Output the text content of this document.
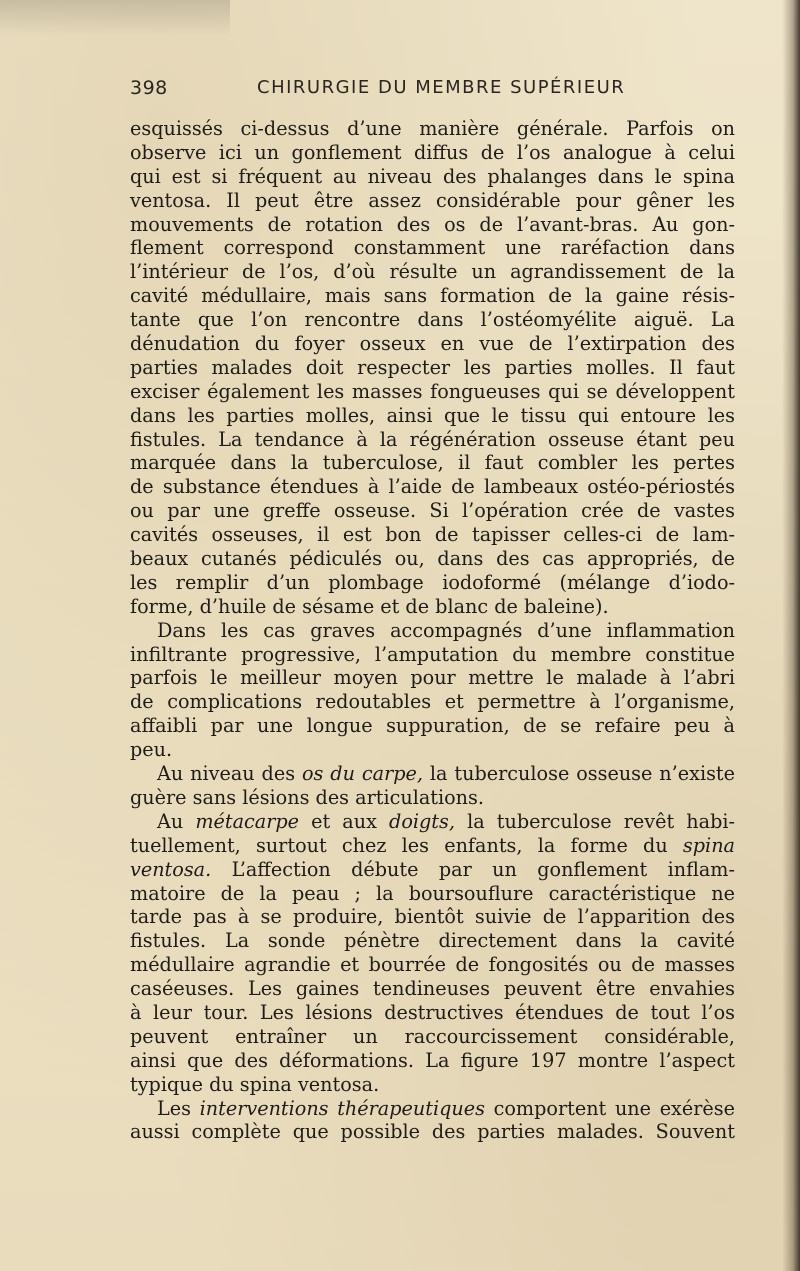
398	CHIRURGIE DU MEMBRE SUPÉRIEUR
esquissés ci-dessus d’une manière générale. Parfois on
observe ici un gonflement diffus de l’os analogue à celui
qui est si fréquent au niveau des phalanges dans le spina
ventosa. Il peut être assez considérable pour gêner les
mouvements de rotation des os de l’avant-bras. Au gon-
flement correspond constamment une raréfaction dans
l’intérieur de l’os, d’où résulte un agrandissement de la
cavité médullaire, mais sans formation de la gaine résis-
tante que l’on rencontre dans l’ostéomyélite aiguë. La
dénudation du foyer osseux en vue de l’extirpation des
parties malades doit respecter les parties molles. Il faut
exciser également les masses fongueuses qui se développent
dans les parties molles, ainsi que le tissu qui entoure les
fistules. La tendance à la régénération osseuse étant peu
marquée dans la tuberculose, il faut combler les pertes
de substance étendues à l’aide de lambeaux ostéo-périostés
ou par une greffe osseuse. Si l’opération crée de vastes
cavités osseuses, il est bon de tapisser celles-ci de lam-
beaux cutanés pédiculés ou, dans des cas appropriés, de
les remplir d’un plombage iodoformé (mélange d’iodo-
forme, d’huile de sésame et de blanc de baleine).
Dans les cas graves accompagnés d’une inflammation
infiltrante progressive, l’amputation du membre constitue
parfois le meilleur moyen pour mettre le malade à l’abri
de complications redoutables et permettre à l’organisme,
affaibli par une longue suppuration, de se refaire peu à
peu.
Au niveau des os du carpe, la tuberculose osseuse n’existe
guère sans lésions des articulations.
Au métacarpe et aux doigts, la tuberculose revêt habi-
tuellement, surtout chez les enfants, la forme du spina
ventosa. L’affection débute par un gonflement inflam-
matoire de la peau ; la boursouflure caractéristique ne
tarde pas à se produire, bientôt suivie de l’apparition des
fistules. La sonde pénètre directement dans la cavité
médullaire agrandie et bourrée de fongosités ou de masses
caséeuses. Les gaines tendineuses peuvent être envahies
à leur tour. Les lésions destructives étendues de tout l’os
peuvent entraîner un raccourcissement considérable,
ainsi que des déformations. La figure 197 montre l’aspect
typique du spina ventosa.
Les interventions thérapeutiques comportent une exérèse
aussi complète que possible des parties malades. Souvent
